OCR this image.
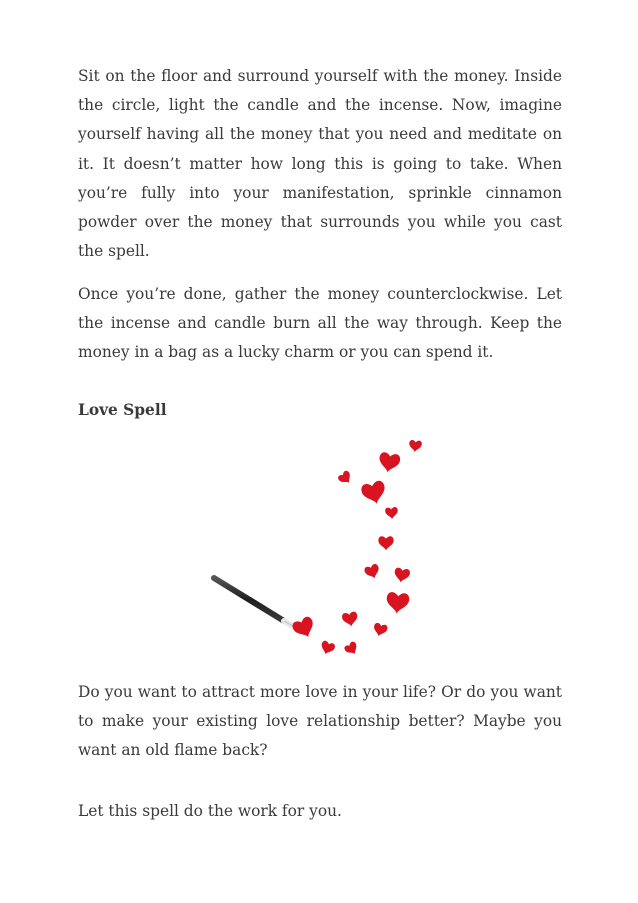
Sit on the floor and surround yourself with the money. Inside the circle, light the candle and the incense. Now, imagine yourself having all the money that you need and meditate on it. It doesn’t matter how long this is going to take. When you’re fully into your manifestation, sprinkle cinnamon powder over the money that surrounds you while you cast the spell.

Once you’re done, gather the money counterclockwise. Let the incense and candle burn all the way through. Keep the money in a bag as a lucky charm or you can spend it.

Love Spell

Do you want to attract more love in your life? Or do you want to make your existing love relationship better? Maybe you want an old flame back?

Let this spell do the work for you.
